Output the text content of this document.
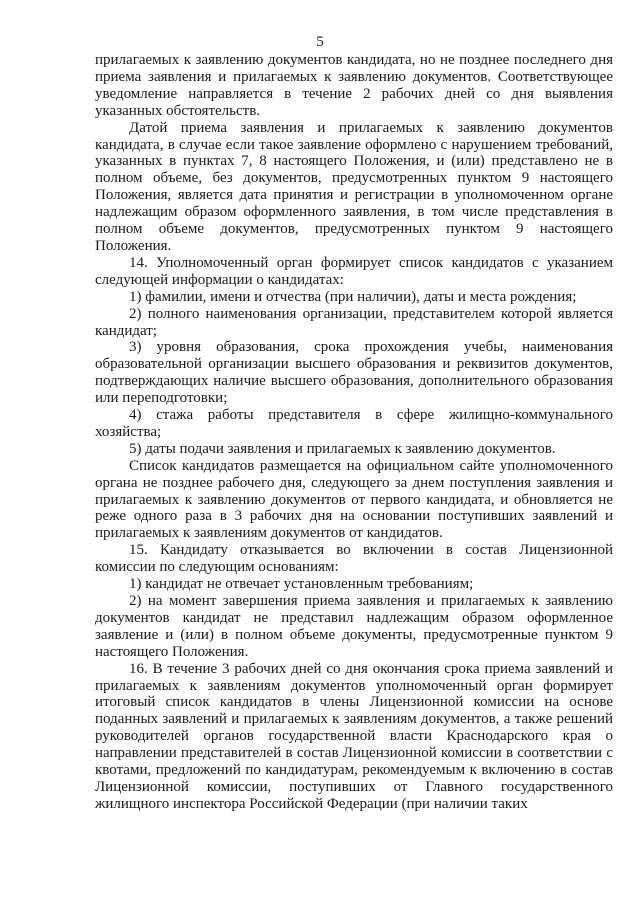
5

прилагаемых к заявлению документов кандидата, но не позднее последнего дня приема заявления и прилагаемых к заявлению документов. Соответствующее уведомление направляется в течение 2 рабочих дней со дня выявления указанных обстоятельств.

Датой приема заявления и прилагаемых к заявлению документов кандидата, в случае если такое заявление оформлено с нарушением требований, указанных в пунктах 7, 8 настоящего Положения, и (или) представлено не в полном объеме, без документов, предусмотренных пунктом 9 настоящего Положения, является дата принятия и регистрации в уполномоченном органе надлежащим образом оформленного заявления, в том числе представления в полном объеме документов, предусмотренных пунктом 9 настоящего Положения.

14. Уполномоченный орган формирует список кандидатов с указанием следующей информации о кандидатах:

1) фамилии, имени и отчества (при наличии), даты и места рождения;

2) полного наименования организации, представителем которой является кандидат;

3) уровня образования, срока прохождения учебы, наименования образовательной организации высшего образования и реквизитов документов, подтверждающих наличие высшего образования, дополнительного образования или переподготовки;

4) стажа работы представителя в сфере жилищно-коммунального хозяйства;

5) даты подачи заявления и прилагаемых к заявлению документов.

Список кандидатов размещается на официальном сайте уполномоченного органа не позднее рабочего дня, следующего за днем поступления заявления и прилагаемых к заявлению документов от первого кандидата, и обновляется не реже одного раза в 3 рабочих дня на основании поступивших заявлений и прилагаемых к заявлениям документов от кандидатов.

15. Кандидату отказывается во включении в состав Лицензионной комиссии по следующим основаниям:

1) кандидат не отвечает установленным требованиям;

2) на момент завершения приема заявления и прилагаемых к заявлению документов кандидат не представил надлежащим образом оформленное заявление и (или) в полном объеме документы, предусмотренные пунктом 9 настоящего Положения.

16. В течение 3 рабочих дней со дня окончания срока приема заявлений и прилагаемых к заявлениям документов уполномоченный орган формирует итоговый список кандидатов в члены Лицензионной комиссии на основе поданных заявлений и прилагаемых к заявлениям документов, а также решений руководителей органов государственной власти Краснодарского края о направлении представителей в состав Лицензионной комиссии в соответствии с квотами, предложений по кандидатурам, рекомендуемым к включению в состав Лицензионной комиссии, поступивших от Главного государственного жилищного инспектора Российской Федерации (при наличии таких
